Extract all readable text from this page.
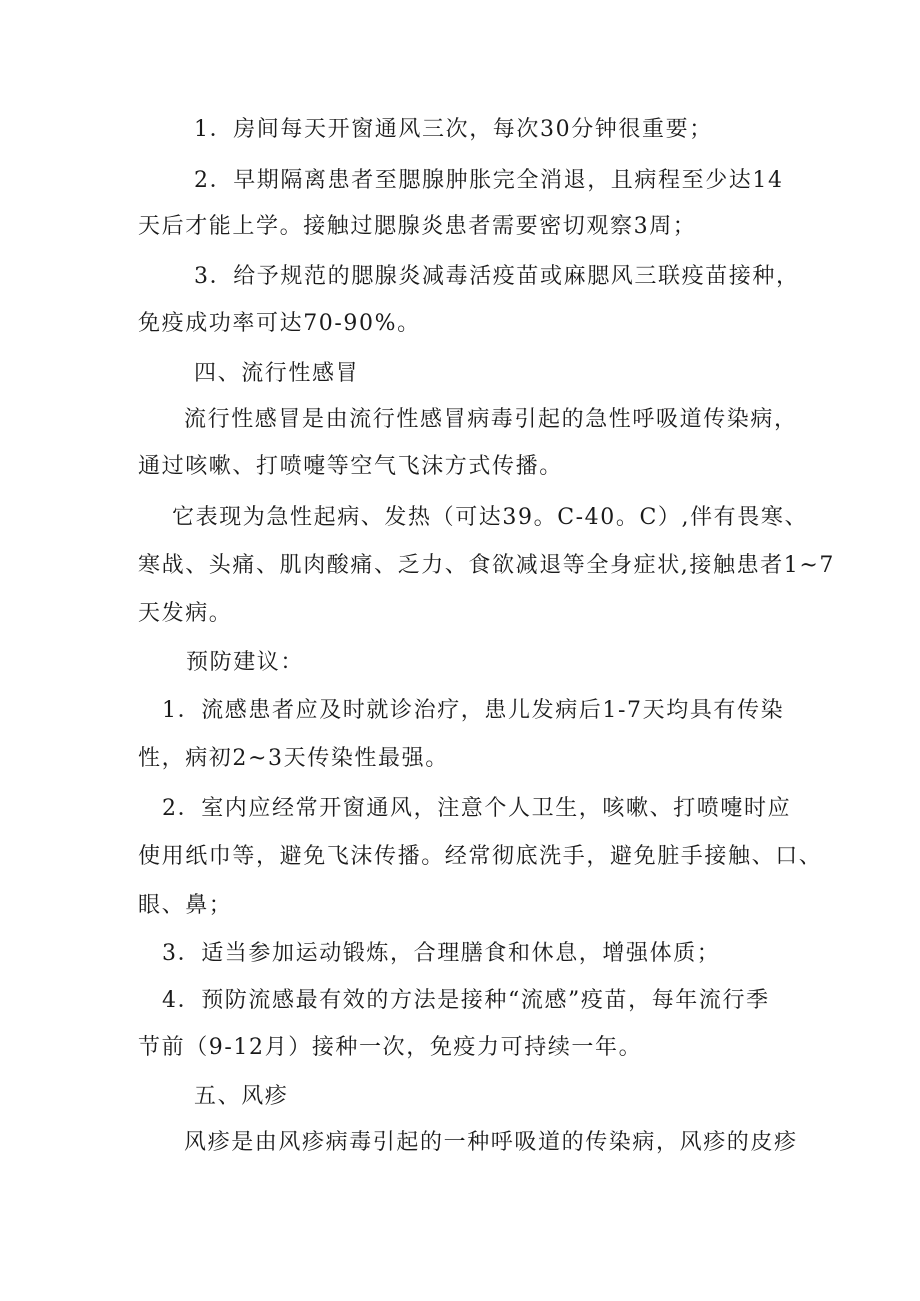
1．房间每天开窗通风三次，每次30分钟很重要；
2．早期隔离患者至腮腺肿胀完全消退，且病程至少达14
天后才能上学。接触过腮腺炎患者需要密切观察3周；
3．给予规范的腮腺炎减毒活疫苗或麻腮风三联疫苗接种，
免疫成功率可达70-90%。
四、流行性感冒
流行性感冒是由流行性感冒病毒引起的急性呼吸道传染病，
通过咳嗽、打喷嚏等空气飞沫方式传播。
它表现为急性起病、发热（可达39。C-40。C）,伴有畏寒、
寒战、头痛、肌肉酸痛、乏力、食欲减退等全身症状,接触患者1~7
天发病。
预防建议：
1．流感患者应及时就诊治疗，患儿发病后1-7天均具有传染
性，病初2~3天传染性最强。
2．室内应经常开窗通风，注意个人卫生，咳嗽、打喷嚏时应
使用纸巾等，避免飞沫传播。经常彻底洗手，避免脏手接触、口、
眼、鼻；
3．适当参加运动锻炼，合理膳食和休息，增强体质；
4．预防流感最有效的方法是接种“流感”疫苗，每年流行季
节前（9-12月）接种一次，免疫力可持续一年。
五、风疹
风疹是由风疹病毒引起的一种呼吸道的传染病，风疹的皮疹
